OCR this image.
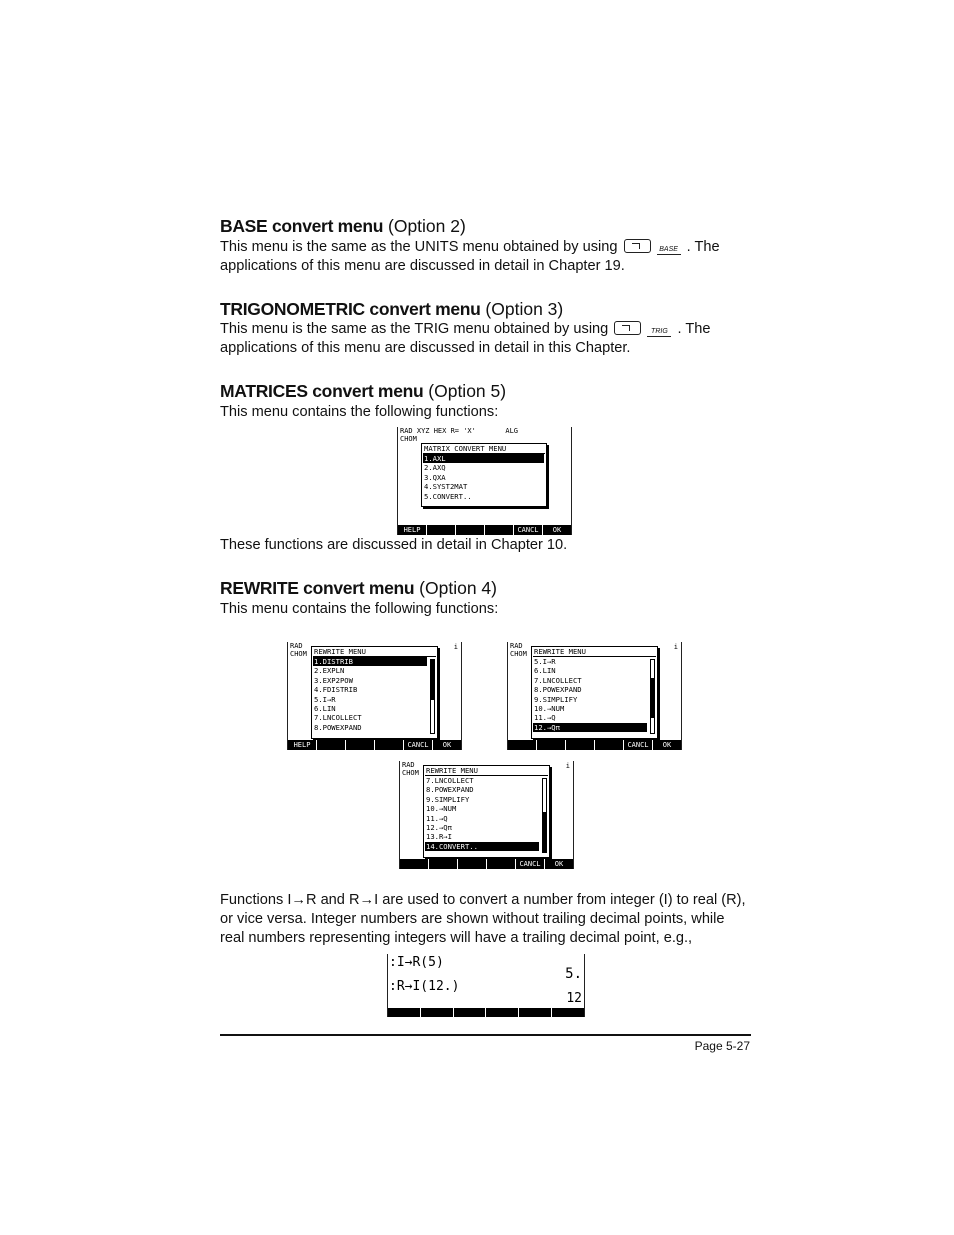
BASE convert menu (Option 2)
This menu is the same as the UNITS menu obtained by using	BASE . The
applications of this menu are discussed in detail in Chapter 19.
TRIGONOMETRIC convert menu (Option 3)
This menu is the same as the TRIG menu obtained by using	TRIG . The
applications of this menu are discussed in detail in this Chapter.
MATRICES convert menu (Option 5)
This menu contains the following functions:
RAD XYZ HEX R= 'X'       ALG
CHOM
MATRIX CONVERT MENU
1.AXL
2.AXQ
3.QXA
4.SYST2MAT
5.CONVERT..
HELP	CANCL	OK
These functions are discussed in detail in Chapter 10.
REWRITE convert menu (Option 4)
This menu contains the following functions:
RAD
CHOM
i
REWRITE MENU
1.DISTRIB
2.EXPLN
3.EXP2POW
4.FDISTRIB
5.I→R
6.LIN
7.LNCOLLECT
8.POWEXPAND
HELP	CANCL	OK
RAD
CHOM
i
REWRITE MENU
5.I→R
6.LIN
7.LNCOLLECT
8.POWEXPAND
9.SIMPLIFY
10.→NUM
11.→Q
12.→Qπ
CANCL	OK
RAD
CHOM
i
REWRITE MENU
7.LNCOLLECT
8.POWEXPAND
9.SIMPLIFY
10.→NUM
11.→Q
12.→Qπ
13.R→I
14.CONVERT..
CANCL	OK
Functions I→R and R→I are used to convert a number from integer (I) to real (R),
or vice versa. Integer numbers are shown without trailing decimal points, while
real numbers representing integers will have a trailing decimal point, e.g.,
:I→R(5)
5.
:R→I(12.)
12
Page 5-27
